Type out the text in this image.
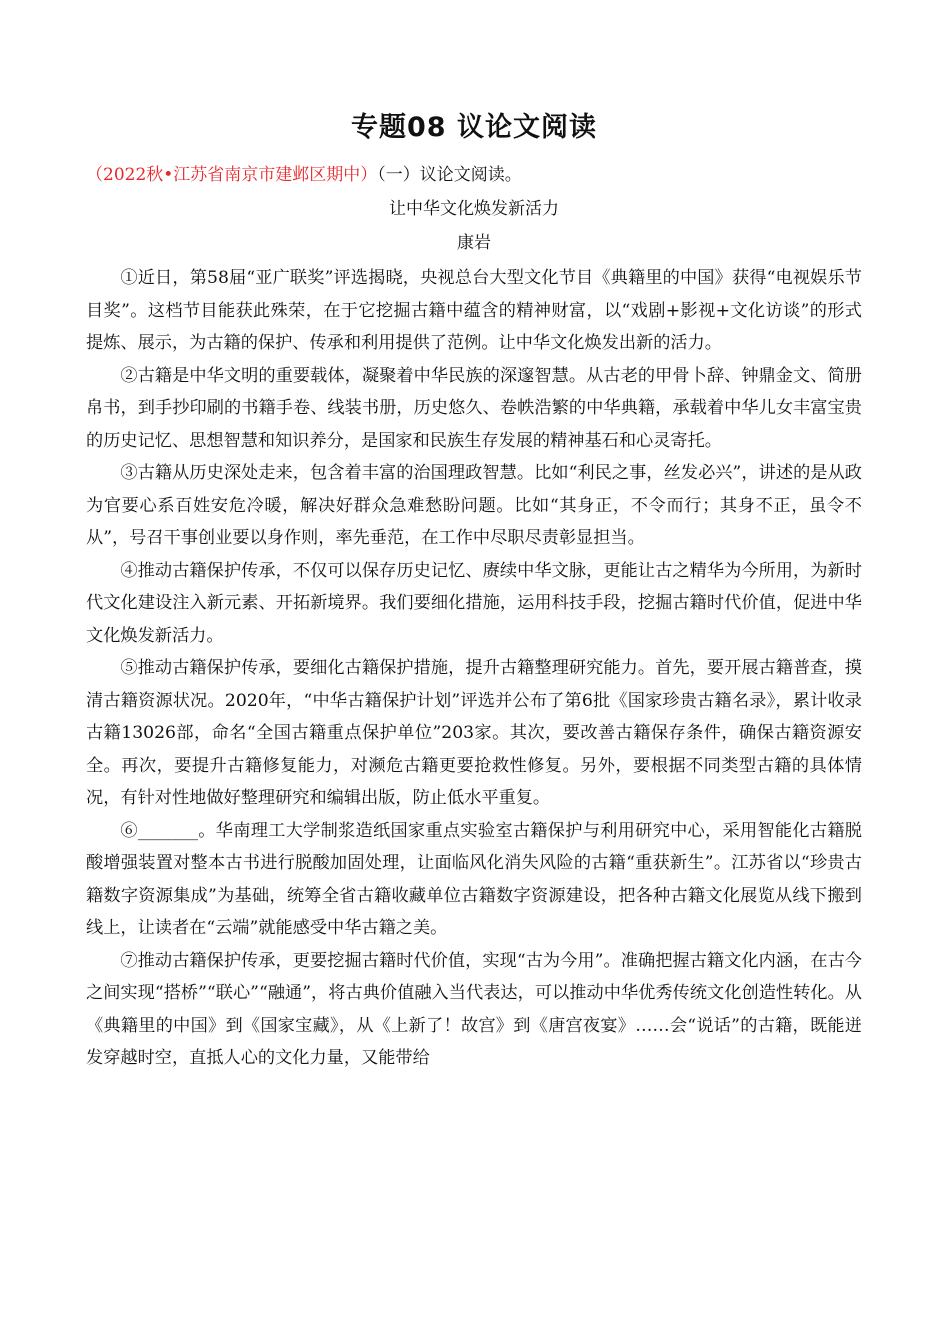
专题08 议论文阅读

（2022秋•江苏省南京市建邺区期中）（一）议论文阅读。

让中华文化焕发新活力

康岩

①近日，第58届“亚广联奖”评选揭晓，央视总台大型文化节目《典籍里的中国》获得“电视娱乐节目奖”。这档节目能获此殊荣，在于它挖掘古籍中蕴含的精神财富，以“戏剧+影视+文化访谈”的形式提炼、展示，为古籍的保护、传承和利用提供了范例。让中华文化焕发出新的活力。

②古籍是中华文明的重要载体，凝聚着中华民族的深邃智慧。从古老的甲骨卜辞、钟鼎金文、简册帛书，到手抄印刷的书籍手卷、线装书册，历史悠久、卷帙浩繁的中华典籍，承载着中华儿女丰富宝贵的历史记忆、思想智慧和知识养分，是国家和民族生存发展的精神基石和心灵寄托。

③古籍从历史深处走来，包含着丰富的治国理政智慧。比如“利民之事，丝发必兴”，讲述的是从政为官要心系百姓安危冷暖，解决好群众急难愁盼问题。比如“其身正，不令而行；其身不正，虽令不从”，号召干事创业要以身作则，率先垂范，在工作中尽职尽责彰显担当。

④推动古籍保护传承，不仅可以保存历史记忆、赓续中华文脉，更能让古之精华为今所用，为新时代文化建设注入新元素、开拓新境界。我们要细化措施，运用科技手段，挖掘古籍时代价值，促进中华文化焕发新活力。

⑤推动古籍保护传承，要细化古籍保护措施，提升古籍整理研究能力。首先，要开展古籍普查，摸清古籍资源状况。2020年，“中华古籍保护计划”评选并公布了第6批《国家珍贵古籍名录》，累计收录古籍13026部，命名“全国古籍重点保护单位”203家。其次，要改善古籍保存条件，确保古籍资源安全。再次，要提升古籍修复能力，对濒危古籍更要抢救性修复。另外，要根据不同类型古籍的具体情况，有针对性地做好整理研究和编辑出版，防止低水平重复。

⑥_______。华南理工大学制浆造纸国家重点实验室古籍保护与利用研究中心，采用智能化古籍脱酸增强装置对整本古书进行脱酸加固处理，让面临风化消失风险的古籍“重获新生”。江苏省以“珍贵古籍数字资源集成”为基础，统筹全省古籍收藏单位古籍数字资源建设，把各种古籍文化展览从线下搬到线上，让读者在“云端”就能感受中华古籍之美。

⑦推动古籍保护传承，更要挖掘古籍时代价值，实现“古为今用”。准确把握古籍文化内涵，在古今之间实现“搭桥”“联心”“融通”，将古典价值融入当代表达，可以推动中华优秀传统文化创造性转化。从《典籍里的中国》到《国家宝藏》，从《上新了！故宫》到《唐宫夜宴》……会“说话”的古籍，既能迸发穿越时空，直抵人心的文化力量，又能带给
